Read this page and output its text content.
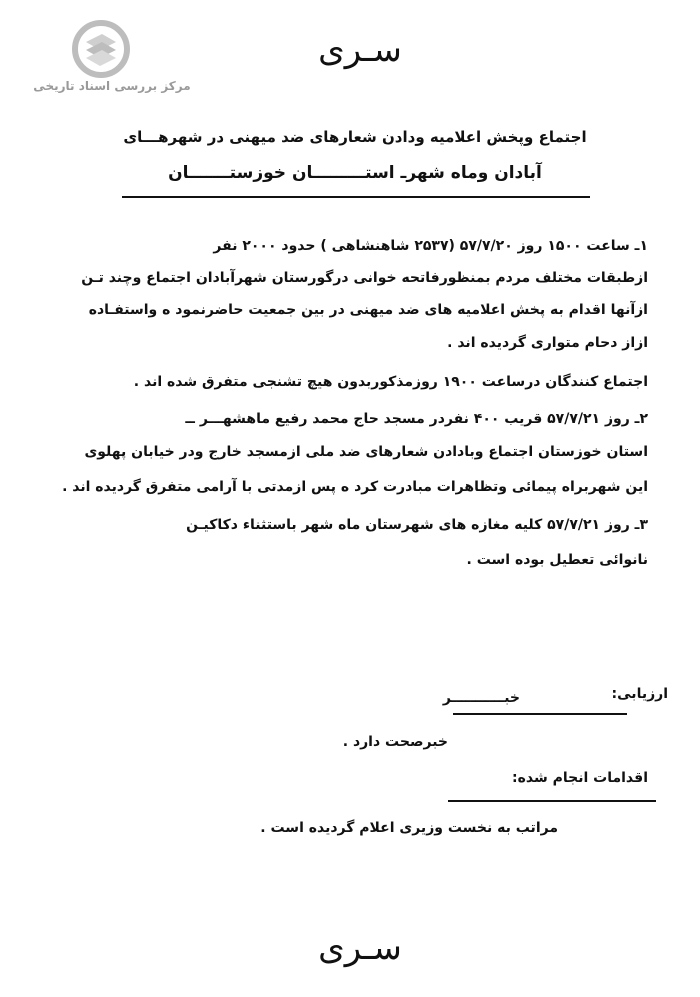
مرکز بررسی اسناد تاریخی
سـری
اجتماع وپخش اعلامیه ودادن شعارهای ضد میهنی در شهرهـــای
آبادان وماه شهرـ استـــــــــان خوزستـــــــان
۱ـ ساعت ۱۵۰۰ روز ۵۷/۷/۲۰ (۲۵۳۷ شاهنشاهی ) حدود ۲۰۰۰ نفر
ازطبقات مختلف مردم بمنظورفاتحه خوانی درگورستان شهرآبادان اجتماع وچند تـن
ازآنها اقدام به پخش اعلامیه های ضد میهنی در بین جمعیت حاضرنمود ه واستفـاده
ازاز دحام متواری گردیده اند .
اجتماع کنندگان درساعت ۱۹۰۰ روزمذکوربدون هیچ تشنجی متفرق شده اند .
۲ـ روز ۵۷/۷/۲۱ قریب ۴۰۰ نفردر مسجد حاج محمد رفیع ماهشهـــر ــ
استان خوزستان اجتماع وبادادن شعارهای ضد ملی ازمسجد خارج ودر خیابان پهلوی
این شهربراه پیمائی وتظاهرات مبادرت کرد ه پس ازمدتی با آرامی متفرق گردیده اند .
۳ـ روز ۵۷/۷/۲۱ کلیه مغازه های شهرستان ماه شهر باستثناء دکاکیـن
نانوائی تعطیل بوده است .
ارزیابی:
خبـــــــــــر
خبرصحت دارد .
اقدامات انجام شده:
مراتب به نخست وزیری اعلام گردیده است .
سـری
